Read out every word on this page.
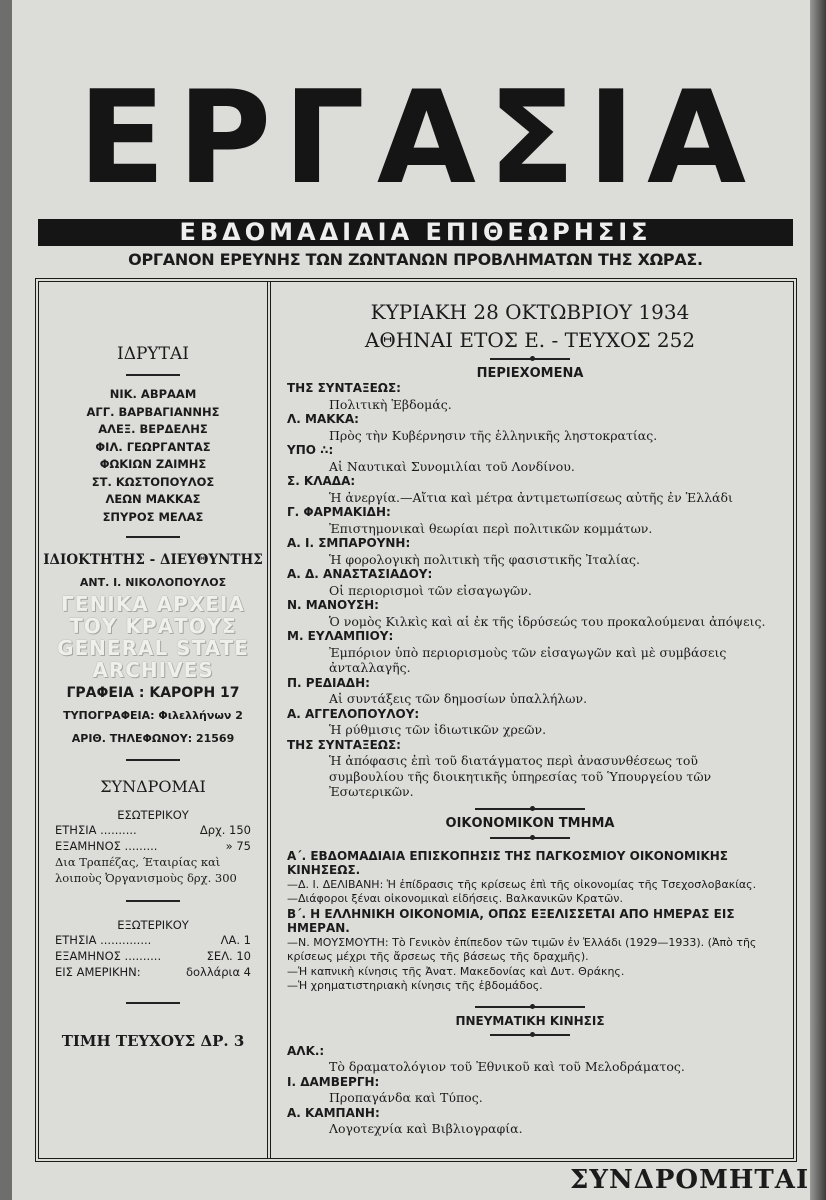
ΕΡΓΑΣΙΑ
ΕΒΔΟΜΑΔΙΑΙΑ ΕΠΙΘΕΩΡΗΣΙΣ
ΟΡΓΑΝΟΝ ΕΡΕΥΝΗΣ ΤΩΝ ΖΩΝΤΑΝΩΝ ΠΡΟΒΛΗΜΑΤΩΝ ΤΗΣ ΧΩΡΑΣ.
ΙΔΡΥΤΑΙ
ΝΙΚ. ΑΒΡΑΑΜ
ΑΓΓ. ΒΑΡΒΑΓΙΑΝΝΗΣ
ΑΛΕΞ. ΒΕΡΔΕΛΗΣ
ΦΙΛ. ΓΕΩΡΓΑΝΤΑΣ
ΦΩΚΙΩΝ ΖΑΙΜΗΣ
ΣΤ. ΚΩΣΤΟΠΟΥΛΟΣ
ΛΕΩΝ ΜΑΚΚΑΣ
ΣΠΥΡΟΣ ΜΕΛΑΣ
ΙΔΙΟΚΤΗΤΗΣ - ΔΙΕΥΘΥΝΤΗΣ
ΑΝΤ. Ι. ΝΙΚΟΛΟΠΟΥΛΟΣ
ΓΕΝΙΚΑ ΑΡΧΕΙΑ ΤΟΥ ΚΡΑΤΟΥΣ
GENERAL STATE ARCHIVES
ΓΡΑΦΕΙΑ : ΚΑΡΟΡΗ 17
ΤΥΠΟΓΡΑΦΕΙΑ: Φιλελλήνων 2
ΑΡΙΘ. ΤΗΛΕΦΩΝΟΥ: 21569
ΣΥΝΔΡΟΜΑΙ
ΕΣΩΤΕΡΙΚΟΥ
ΕΤΗΣΙΑ ..........	Δρχ. 150
ΕΞΑΜΗΝΟΣ .........	» 75
Δια Τραπέζας, Έταιρίας καὶ λοιποὺς Ὀργανισμοὺς δρχ. 300
ΕΞΩΤΕΡΙΚΟΥ
ΕΤΗΣΙΑ ..............	ΛΑ. 1
ΕΞΑΜΗΝΟΣ ..........	ΣΕΛ. 10
ΕΙΣ ΑΜΕΡΙΚΗΝ:	δολλάρια 4
ΤΙΜΗ ΤΕΥΧΟΥΣ ΔΡ. 3
ΚΥΡΙΑΚΗ 28 ΟΚΤΩΒΡΙΟΥ 1934
ΑΘΗΝΑΙ ΕΤΟΣ Ε. - ΤΕΥΧΟΣ 252
ΠΕΡΙΕΧΟΜΕΝΑ
ΤΗΣ ΣΥΝΤΑΞΕΩΣ:
Πολιτικὴ Ἑβδομάς.
Λ. ΜΑΚΚΑ:
Πρὸς τὴν Κυβέρνησιν τῆς ἑλληνικῆς ληστοκρατίας.
ΥΠΟ ∴:
Αἱ Ναυτικαὶ Συνομιλίαι τοῦ Λονδίνου.
Σ. ΚΛΑΔΑ:
Ἡ ἀνεργία.—Αἴτια καὶ μέτρα ἀντιμετωπίσεως αὐτῆς ἐν Ἑλλάδι
Γ. ΦΑΡΜΑΚΙΔΗ:
Ἐπιστημονικαὶ θεωρίαι περὶ πολιτικῶν κομμάτων.
Α. Ι. ΣΜΠΑΡΟΥΝΗ:
Ἡ φορολογικὴ πολιτικὴ τῆς φασιστικῆς Ἰταλίας.
Α. Δ. ΑΝΑΣΤΑΣΙΑΔΟΥ:
Οἱ περιορισμοὶ τῶν εἰσαγωγῶν.
Ν. ΜΑΝΟΥΣΗ:
Ὁ νομὸς Κιλκὶς καὶ αἱ ἐκ τῆς ἱδρύσεώς του προκαλούμεναι ἀπόψεις.
Μ. ΕΥΛΑΜΠΙΟΥ:
Ἐμπόριον ὑπὸ περιορισμοὺς τῶν εἰσαγωγῶν καὶ μὲ συμβάσεις ἀνταλλαγῆς.
Π. ΡΕΔΙΑΔΗ:
Αἱ συντάξεις τῶν δημοσίων ὑπαλλήλων.
Α. ΑΓΓΕΛΟΠΟΥΛΟΥ:
Ἡ ρύθμισις τῶν ἰδιωτικῶν χρεῶν.
ΤΗΣ ΣΥΝΤΑΞΕΩΣ:
Ἡ ἀπόφασις ἐπὶ τοῦ διατάγματος περὶ ἀνασυνθέσεως τοῦ συμβουλίου τῆς διοικητικῆς ὑπηρεσίας τοῦ Ὑπουργείου τῶν Ἐσωτερικῶν.
ΟΙΚΟΝΟΜΙΚΟΝ ΤΜΗΜΑ
Α΄. ΕΒΔΟΜΑΔΙΑΙΑ ΕΠΙΣΚΟΠΗΣΙΣ ΤΗΣ ΠΑΓΚΟΣΜΙΟΥ ΟΙΚΟΝΟΜΙΚΗΣ ΚΙΝΗΣΕΩΣ.
—Δ. Ι. ΔΕΛΙΒΑΝΗ: Ἡ ἐπίδρασις τῆς κρίσεως ἐπὶ τῆς οἰκονομίας τῆς Τσεχοσλοβακίας.
—Διάφοροι ξέναι οἰκονομικαὶ εἰδήσεις. Βαλκανικῶν Κρατῶν.
Β΄. Η ΕΛΛΗΝΙΚΗ ΟΙΚΟΝΟΜΙΑ, ΟΠΩΣ ΕΞΕΛΙΣΣΕΤΑΙ ΑΠΟ ΗΜΕΡΑΣ ΕΙΣ ΗΜΕΡΑΝ.
—Ν. ΜΟΥΣΜΟΥΤΗ: Τὸ Γενικὸν ἐπίπεδον τῶν τιμῶν ἐν Ἑλλάδι (1929—1933). (Ἀπὸ τῆς κρίσεως μέχρι τῆς ἄρσεως τῆς βάσεως τῆς δραχμῆς).
—Ἡ καπνικὴ κίνησις τῆς Ἀνατ. Μακεδονίας καὶ Δυτ. Θράκης.
—Ἡ χρηματιστηριακὴ κίνησις τῆς ἑβδομάδος.
ΠΝΕΥΜΑΤΙΚΗ ΚΙΝΗΣΙΣ
ΑΛΚ.:
Τὸ δραματολόγιον τοῦ Ἐθνικοῦ καὶ τοῦ Μελοδράματος.
Ι. ΔΑΜΒΕΡΓΗ:
Προπαγάνδα καὶ Τύπος.
Α. ΚΑΜΠΑΝΗ:
Λογοτεχνία καὶ Βιβλιογραφία.
ΣΥΝΔΡΟΜΗΤΑΙ
